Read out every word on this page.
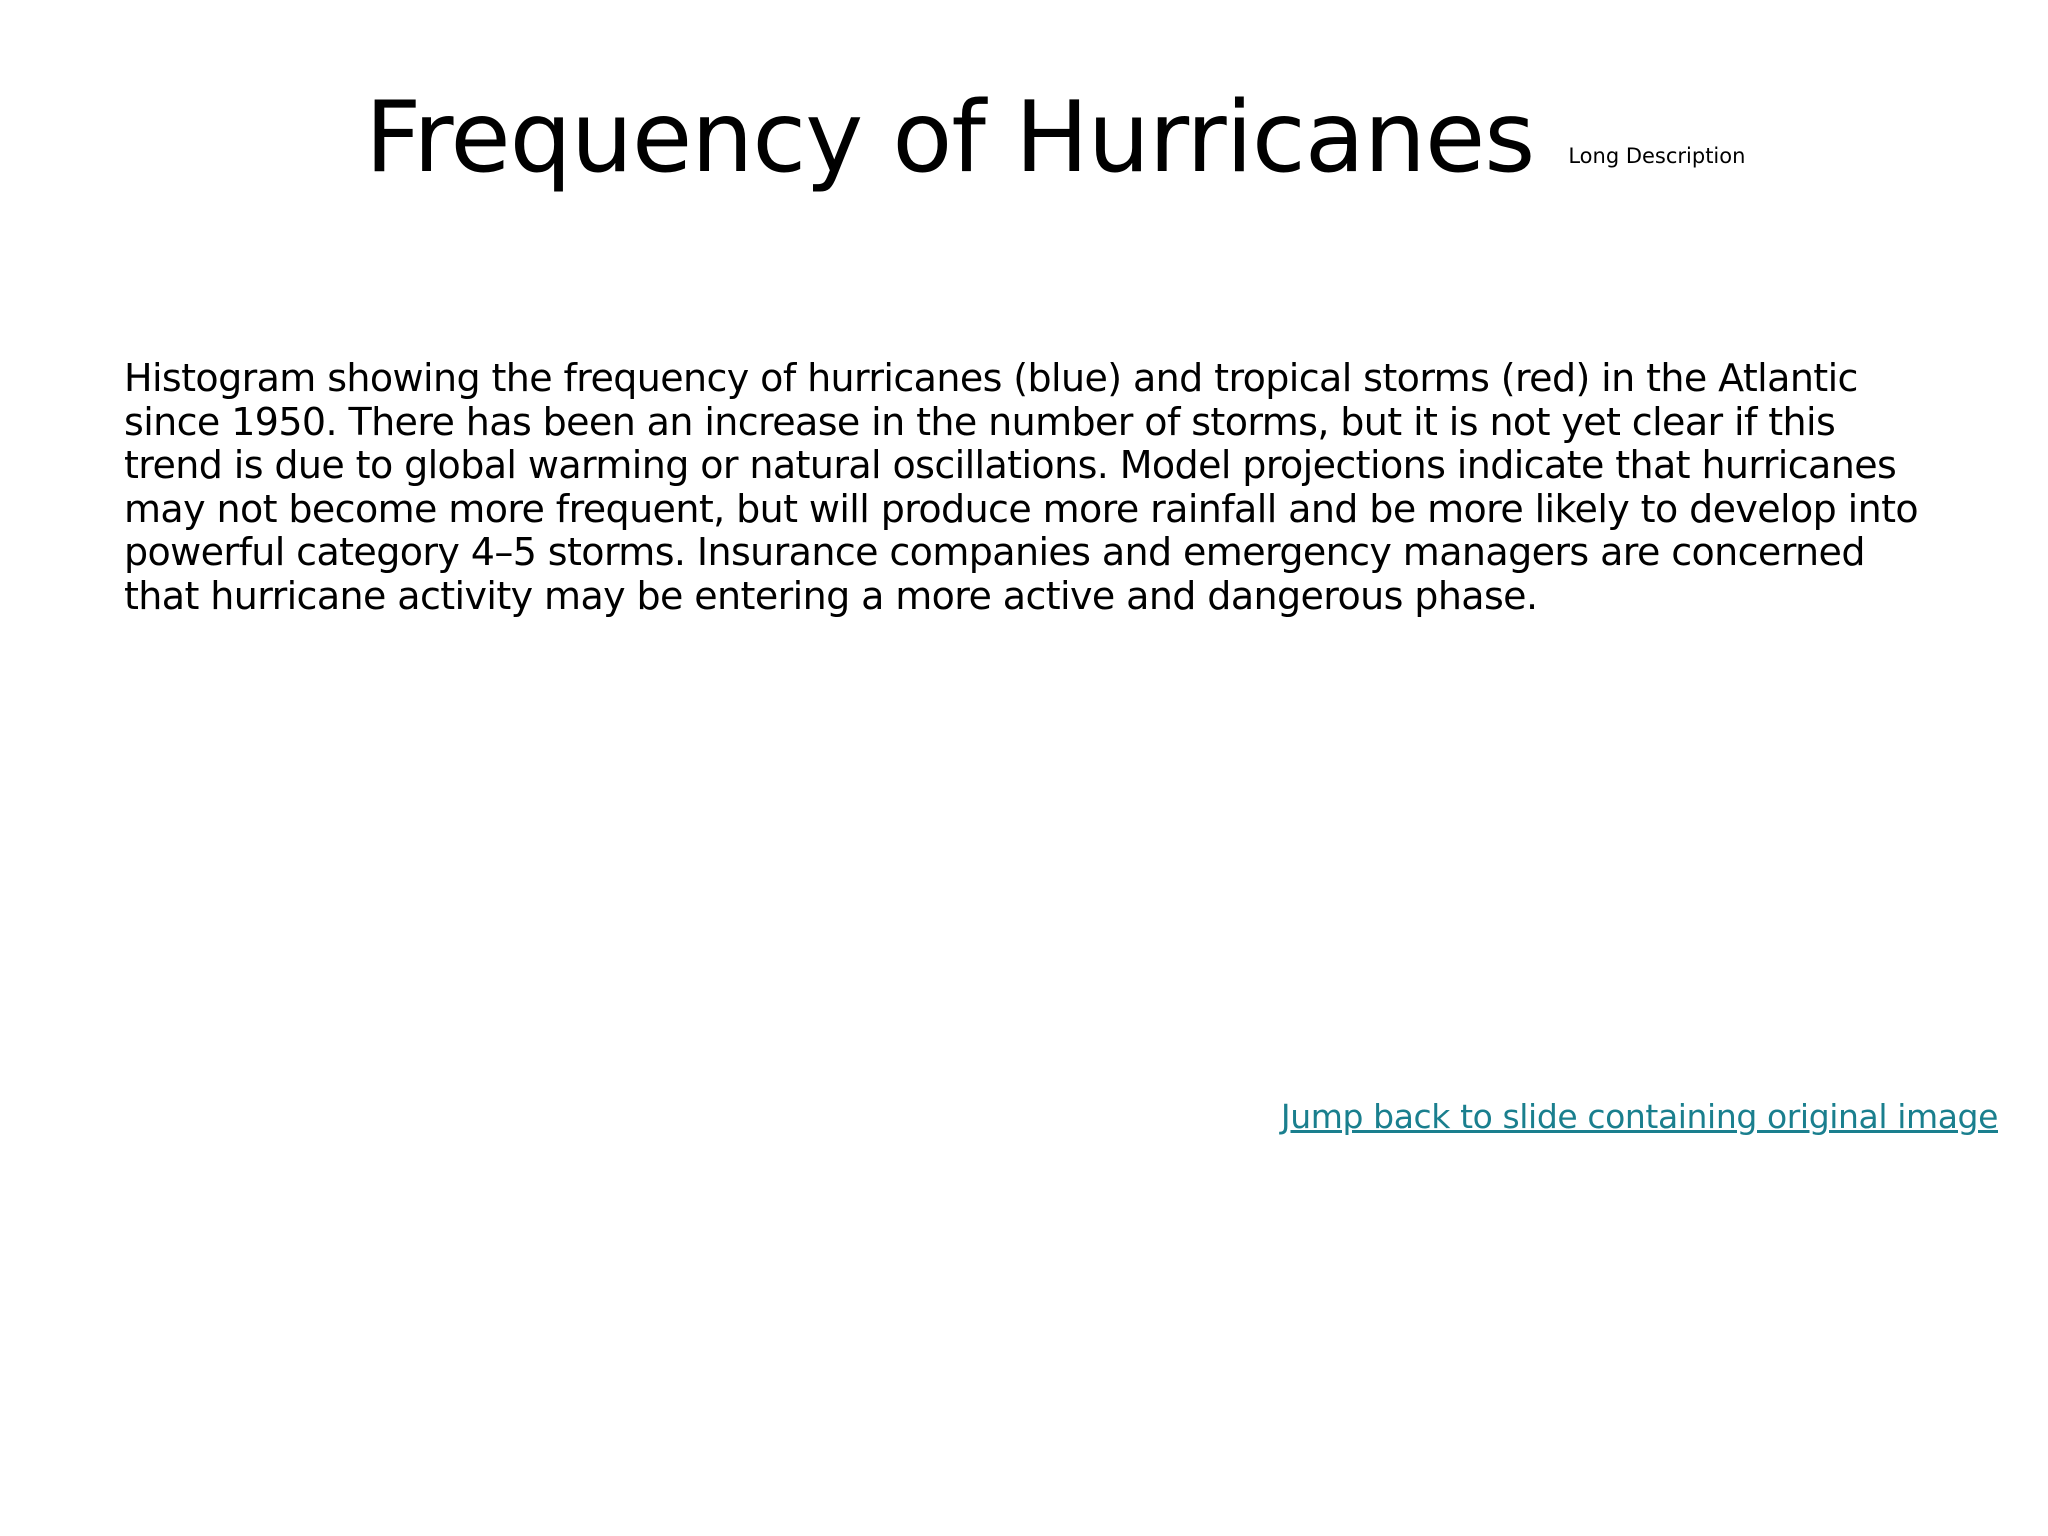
Frequency of Hurricanes Long Description

Histogram showing the frequency of hurricanes (blue) and tropical storms (red) in the Atlantic since 1950. There has been an increase in the number of storms, but it is not yet clear if this trend is due to global warming or natural oscillations. Model projections indicate that hurricanes may not become more frequent, but will produce more rainfall and be more likely to develop into powerful category 4–5 storms. Insurance companies and emergency managers are concerned that hurricane activity may be entering a more active and dangerous phase.

Jump back to slide containing original image
